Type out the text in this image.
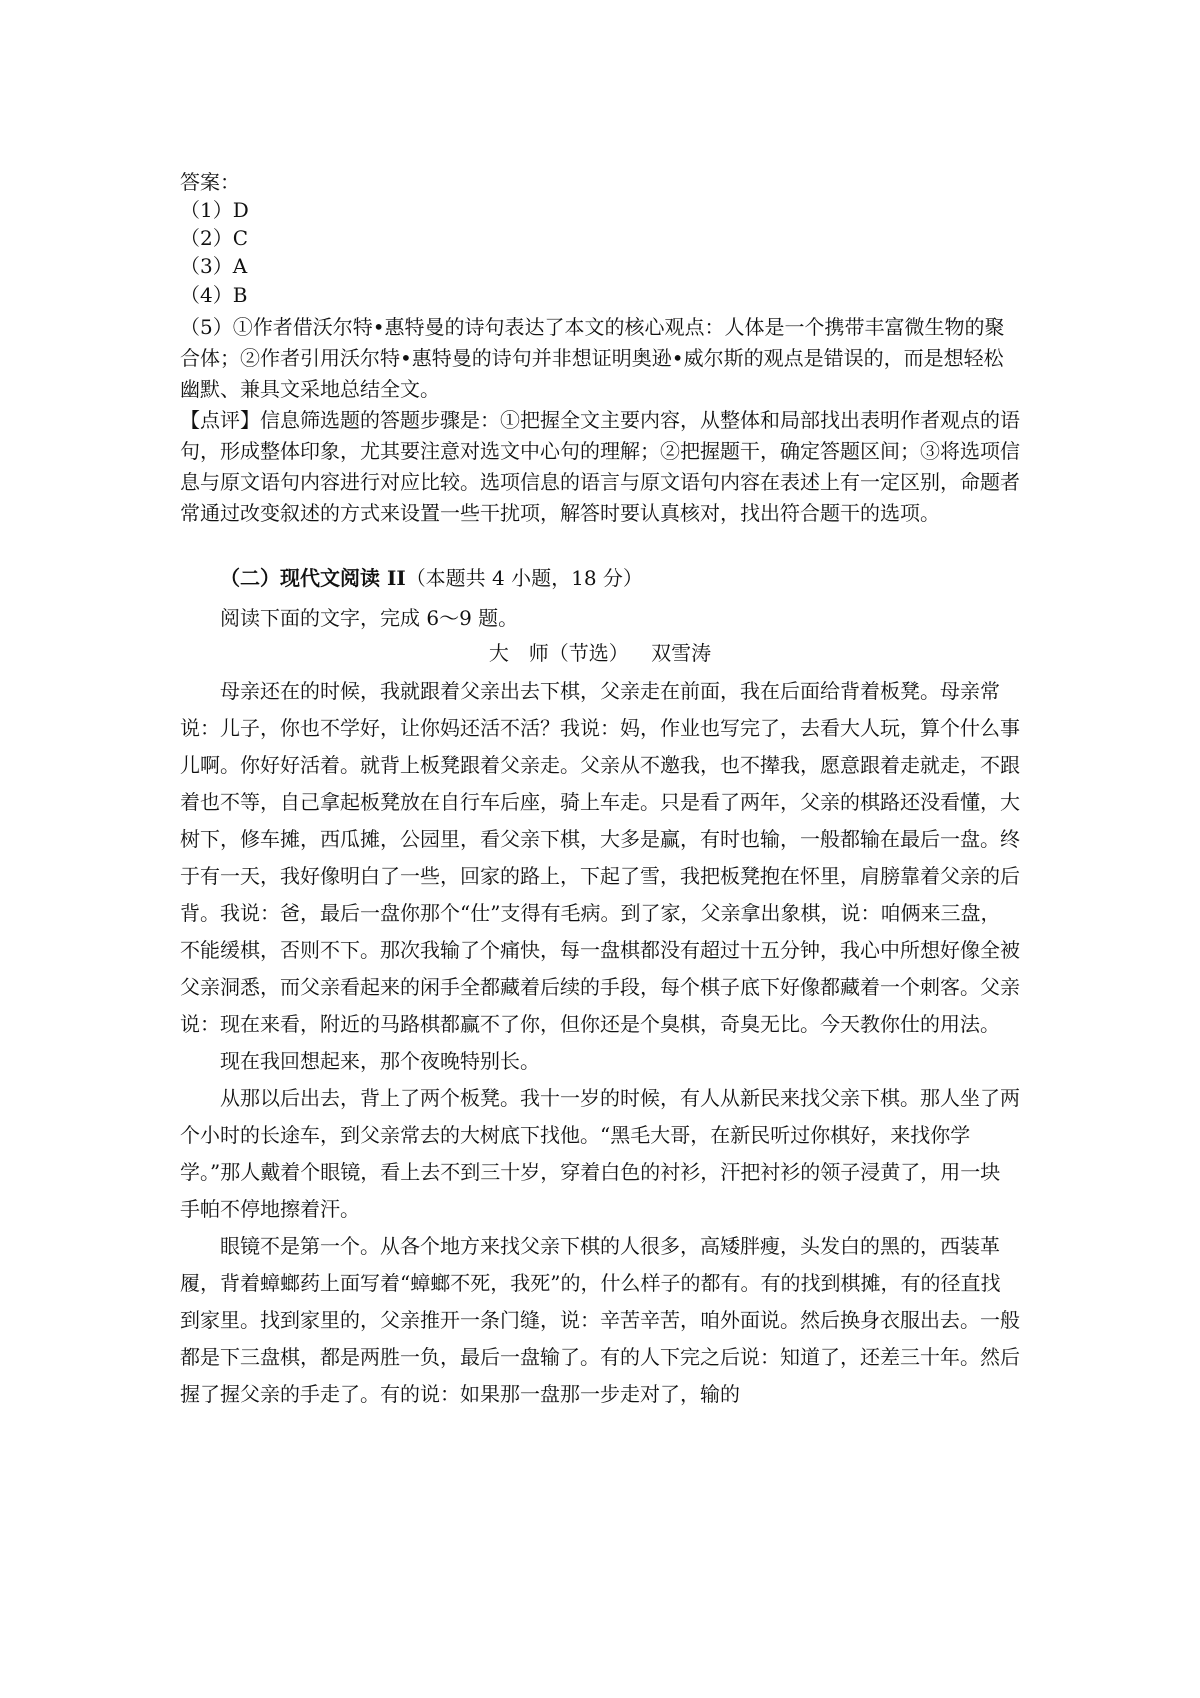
答案：
（1）D
（2）C
（3）A
（4）B

（5）①作者借沃尔特•惠特曼的诗句表达了本文的核心观点：人体是一个携带丰富微生物的聚合体；②作者引用沃尔特•惠特曼的诗句并非想证明奥逊•威尔斯的观点是错误的，而是想轻松幽默、兼具文采地总结全文。

【点评】信息筛选题的答题步骤是：①把握全文主要内容，从整体和局部找出表明作者观点的语句，形成整体印象，尤其要注意对选文中心句的理解；②把握题干，确定答题区间；③将选项信息与原文语句内容进行对应比较。选项信息的语言与原文语句内容在表述上有一定区别，命题者常通过改变叙述的方式来设置一些干扰项，解答时要认真核对，找出符合题干的选项。

（二）现代文阅读 II（本题共 4 小题，18 分）
阅读下面的文字，完成 6～9 题。
大　师（节选） 双雪涛

母亲还在的时候，我就跟着父亲出去下棋，父亲走在前面，我在后面给背着板凳。母亲常说：儿子，你也不学好，让你妈还活不活？我说：妈，作业也写完了，去看大人玩，算个什么事儿啊。你好好活着。就背上板凳跟着父亲走。父亲从不邀我，也不撵我，愿意跟着走就走，不跟着也不等，自己拿起板凳放在自行车后座，骑上车走。只是看了两年，父亲的棋路还没看懂，大树下，修车摊，西瓜摊，公园里，看父亲下棋，大多是赢，有时也输，一般都输在最后一盘。终于有一天，我好像明白了一些，回家的路上，下起了雪，我把板凳抱在怀里，肩膀靠着父亲的后背。我说：爸，最后一盘你那个“仕”支得有毛病。到了家，父亲拿出象棋，说：咱俩来三盘，不能缓棋，否则不下。那次我输了个痛快，每一盘棋都没有超过十五分钟，我心中所想好像全被父亲洞悉，而父亲看起来的闲手全都藏着后续的手段，每个棋子底下好像都藏着一个刺客。父亲说：现在来看，附近的马路棋都赢不了你，但你还是个臭棋，奇臭无比。今天教你仕的用法。

现在我回想起来，那个夜晚特别长。

从那以后出去，背上了两个板凳。我十一岁的时候，有人从新民来找父亲下棋。那人坐了两个小时的长途车，到父亲常去的大树底下找他。“黑毛大哥，在新民听过你棋好，来找你学学。”那人戴着个眼镜，看上去不到三十岁，穿着白色的衬衫，汗把衬衫的领子浸黄了，用一块手帕不停地擦着汗。

眼镜不是第一个。从各个地方来找父亲下棋的人很多，高矮胖瘦，头发白的黑的，西装革履，背着蟑螂药上面写着“蟑螂不死，我死”的，什么样子的都有。有的找到棋摊，有的径直找到家里。找到家里的，父亲推开一条门缝，说：辛苦辛苦，咱外面说。然后换身衣服出去。一般都是下三盘棋，都是两胜一负，最后一盘输了。有的人下完之后说：知道了，还差三十年。然后握了握父亲的手走了。有的说：如果那一盘那一步走对了，输的
